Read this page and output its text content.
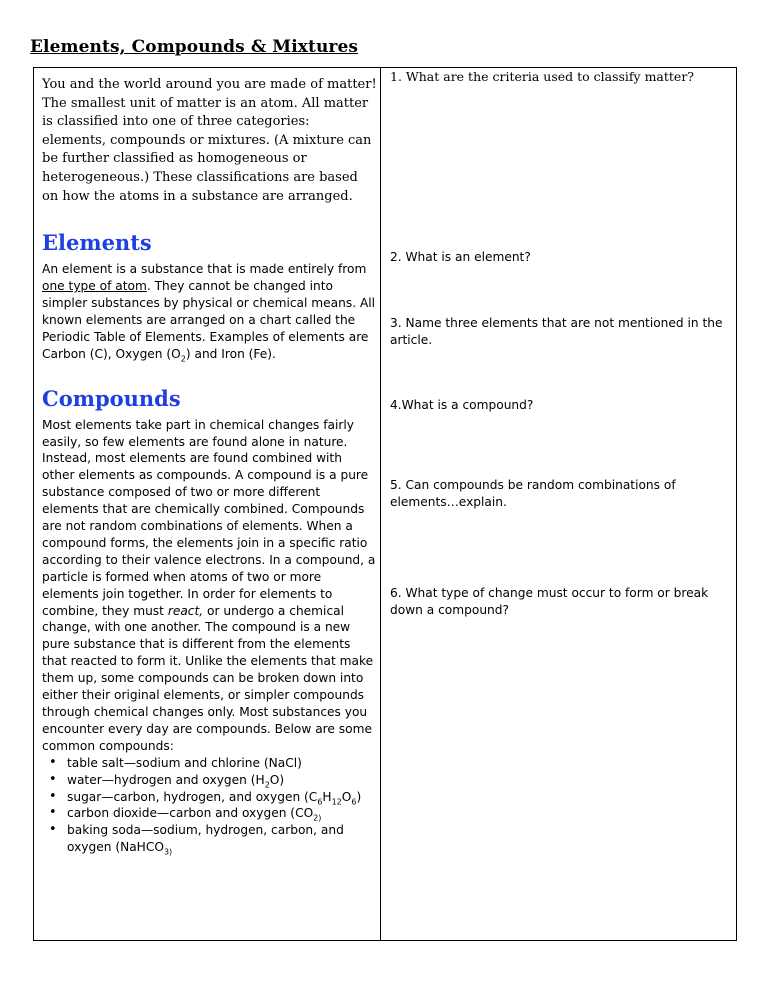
Elements, Compounds & Mixtures

You and the world around you are made of matter! The smallest unit of matter is an atom. All matter is classified into one of three categories: elements, compounds or mixtures. (A mixture can be further classified as homogeneous or heterogeneous.) These classifications are based on how the atoms in a substance are arranged.

Elements

An element is a substance that is made entirely from one type of atom. They cannot be changed into simpler substances by physical or chemical means. All known elements are arranged on a chart called the Periodic Table of Elements. Examples of elements are Carbon (C), Oxygen $(O_2)$ and Iron (Fe).

Compounds

Most elements take part in chemical changes fairly easily, so few elements are found alone in nature. Instead, most elements are found combined with other elements as compounds. A compound is a pure substance composed of two or more different elements that are chemically combined. Compounds are not random combinations of elements. When a compound forms, the elements join in a specific ratio according to their valence electrons. In a compound, a particle is formed when atoms of two or more elements join together. In order for elements to combine, they must react, or undergo a chemical change, with one another. The compound is a new pure substance that is different from the elements that reacted to form it. Unlike the elements that make them up, some compounds can be broken down into either their original elements, or simpler compounds through chemical changes only. Most substances you encounter every day are compounds. Below are some common compounds:

• table salt—sodium and chlorine (NaCl)
• water—hydrogen and oxygen $(H_2O)$
• sugar—carbon, hydrogen, and oxygen $(C_6H_{12}O_6)$
• carbon dioxide—carbon and oxygen ($CO_{2)}$
• baking soda—sodium, hydrogen, carbon, and oxygen (NaHCO$_{3)}$

1. What are the criteria used to classify matter?

2. What is an element?

3. Name three elements that are not mentioned in the article.

4.What is a compound?

5. Can compounds be random combinations of elements…explain.

6. What type of change must occur to form or break down a compound?
